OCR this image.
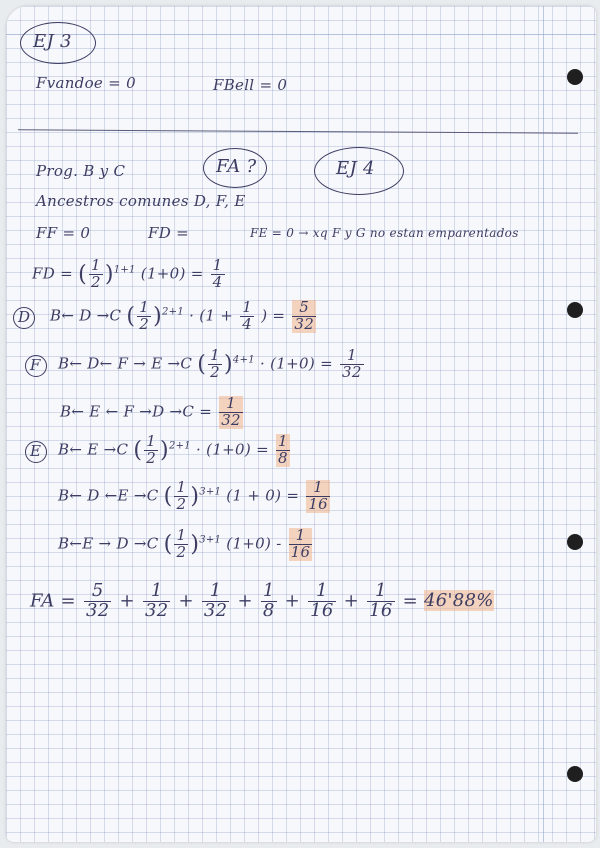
EJ 3
Fvandoe = 0	FBell = 0
Prog. B y C	FA ?	EJ 4
Ancestros comunes D, F, E
FF = 0	FD =	FE = 0 → xq F y G no estan emparentados
FD = ( $\frac{1}{2} )^{1+1}$ $(1+0) = \frac{1}{4}$
D B← D →C ( $\frac{1}{2} )^{2+1} \cdot (1 + \frac{1}{4}$ ) = $\frac{5}{32}$
F B← D← F → E →C ( $\frac{1}{2} )^{4+1} \cdot (1+0) = \frac{1}{32}$
B← E ← $F \to D \to C = \frac{1}{32}$
E B← E →C ( $\frac{1}{2} )^{2+1} \cdot (1+0) = \frac{1}{8}$
B← D ←E →C ( $\frac{1}{2} )^{3+1}$ $(1 + 0) = \frac{1}{16}$
B←E → D →C ( $\frac{1}{2} )^{3+1}$ $(1+0) - \frac{1}{16}$
FA = $\frac{5}{32} + \frac{1}{32} + \frac{1}{32} + \frac{1}{8} + \frac{1}{16} + \frac{1}{16} = 46'88\%$
